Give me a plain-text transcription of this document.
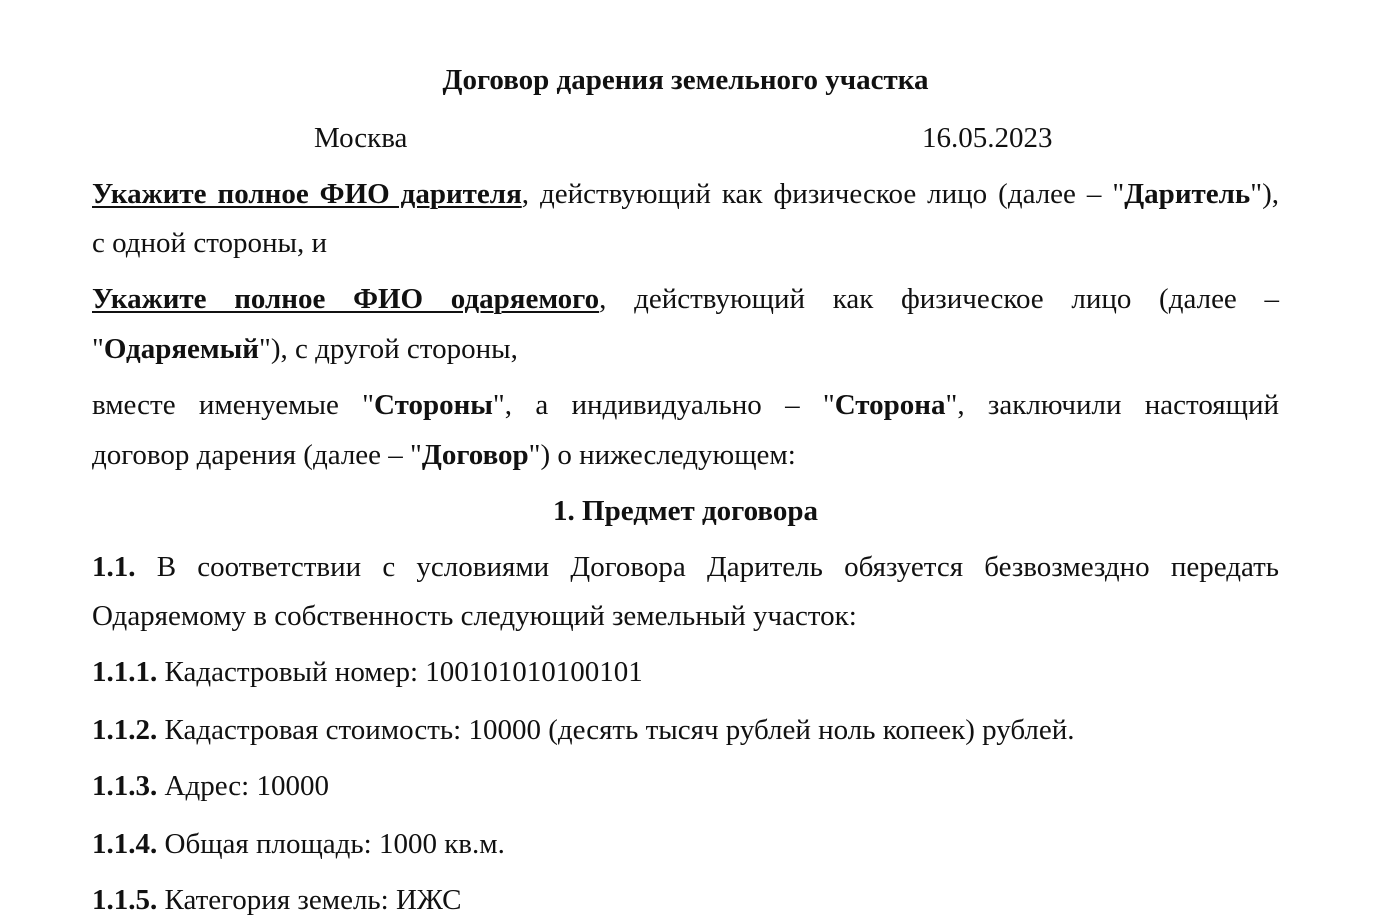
Договор дарения земельного участка
Москва	16.05.2023
Укажите полное ФИО дарителя, действующий как физическое лицо (далее – "Даритель"),
с одной стороны, и
Укажите полное ФИО одаряемого, действующий как физическое лицо (далее –
"Одаряемый"), с другой стороны,
вместе именуемые "Стороны", а индивидуально – "Сторона", заключили настоящий
договор дарения (далее – "Договор") о нижеследующем:
1. Предмет договора
1.1. В соответствии с условиями Договора Даритель обязуется безвозмездно передать
Одаряемому в собственность следующий земельный участок:
1.1.1. Кадастровый номер: 100101010100101
1.1.2. Кадастровая стоимость: 10000 (десять тысяч рублей ноль копеек) рублей.
1.1.3. Адрес: 10000
1.1.4. Общая площадь: 1000 кв.м.
1.1.5. Категория земель: ИЖС
